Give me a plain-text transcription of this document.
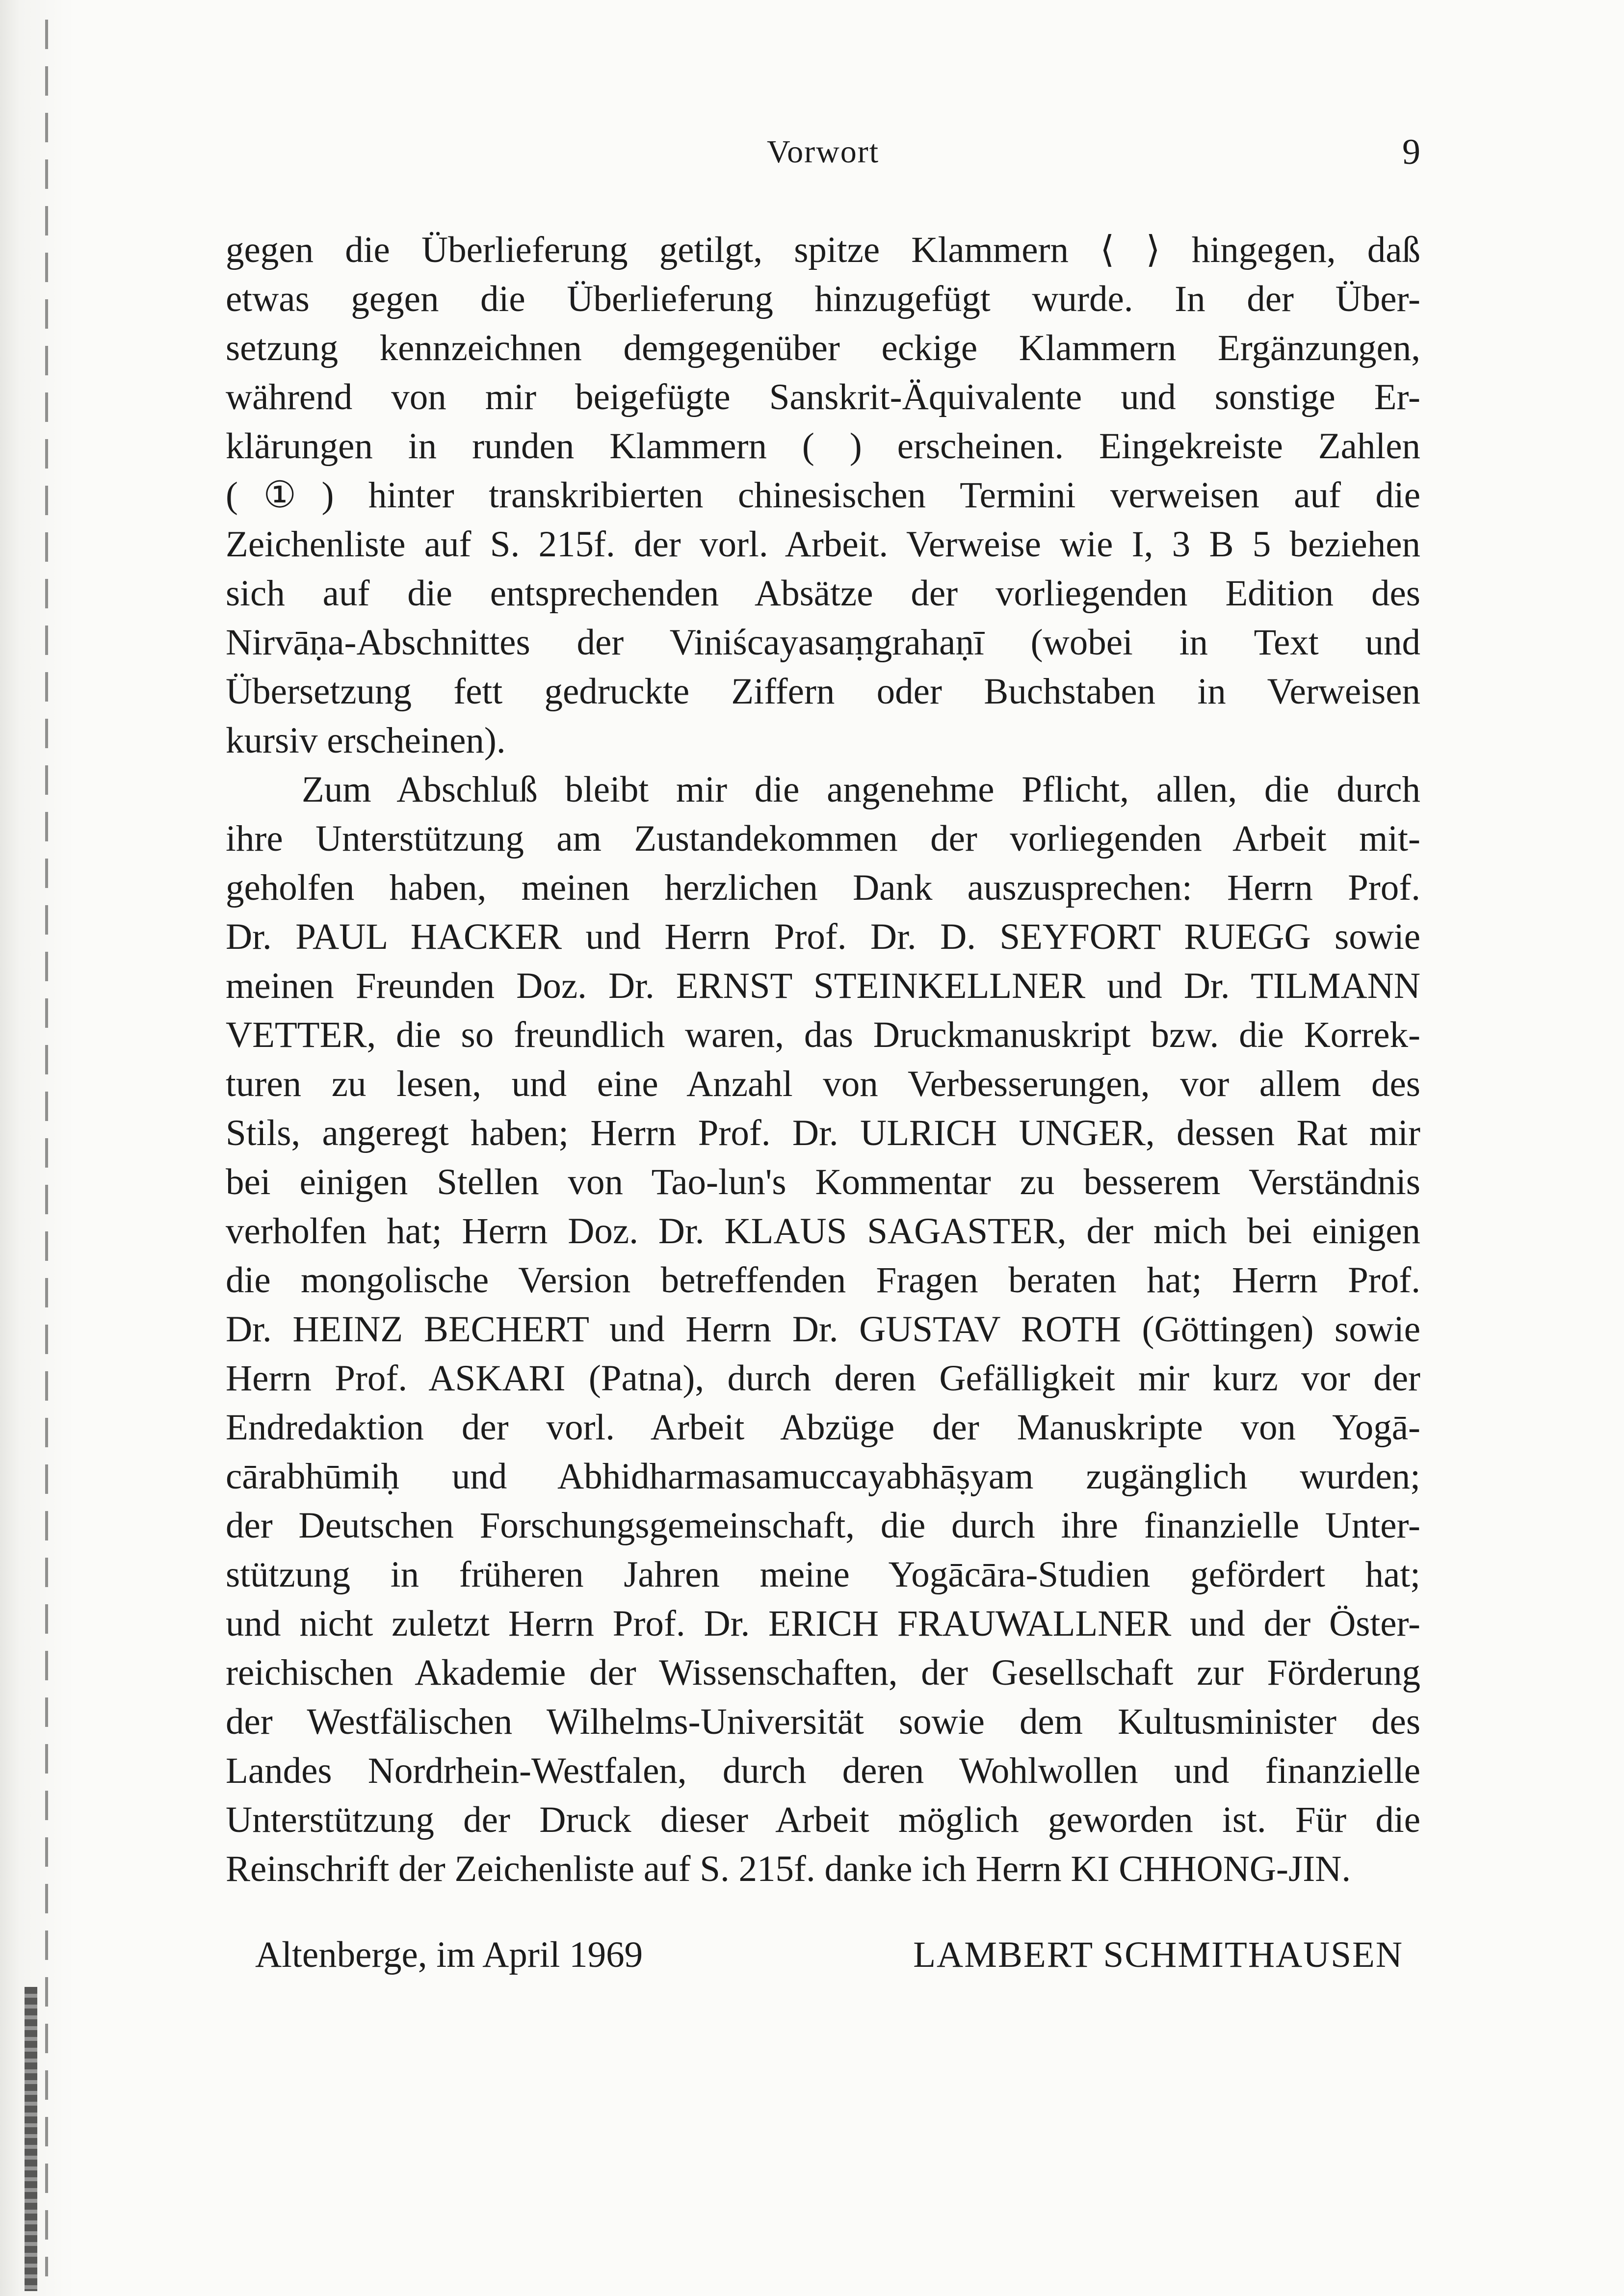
Vorwort	9
gegen die Überlieferung getilgt, spitze Klammern ⟨ ⟩ hingegen, daß
etwas gegen die Überlieferung hinzugefügt wurde. In der Über-
setzung kennzeichnen demgegenüber eckige Klammern Ergänzungen,
während von mir beigefügte Sanskrit-Äquivalente und sonstige Er-
klärungen in runden Klammern ( ) erscheinen. Eingekreiste Zahlen
(①) hinter transkribierten chinesischen Termini verweisen auf die
Zeichenliste auf S. 215f. der vorl. Arbeit. Verweise wie I, 3 B 5 beziehen
sich auf die entsprechenden Absätze der vorliegenden Edition des
Nirvāṇa-Abschnittes der Viniścayasaṃgrahaṇī (wobei in Text und
Übersetzung fett gedruckte Ziffern oder Buchstaben in Verweisen
kursiv erscheinen).
Zum Abschluß bleibt mir die angenehme Pflicht, allen, die durch
ihre Unterstützung am Zustandekommen der vorliegenden Arbeit mit-
geholfen haben, meinen herzlichen Dank auszusprechen: Herrn Prof.
Dr. PAUL HACKER und Herrn Prof. Dr. D. SEYFORT RUEGG sowie
meinen Freunden Doz. Dr. ERNST STEINKELLNER und Dr. TILMANN
VETTER, die so freundlich waren, das Druckmanuskript bzw. die Korrek-
turen zu lesen, und eine Anzahl von Verbesserungen, vor allem des
Stils, angeregt haben; Herrn Prof. Dr. ULRICH UNGER, dessen Rat mir
bei einigen Stellen von Tao-lun's Kommentar zu besserem Verständnis
verholfen hat; Herrn Doz. Dr. KLAUS SAGASTER, der mich bei einigen
die mongolische Version betreffenden Fragen beraten hat; Herrn Prof.
Dr. HEINZ BECHERT und Herrn Dr. GUSTAV ROTH (Göttingen) sowie
Herrn Prof. ASKARI (Patna), durch deren Gefälligkeit mir kurz vor der
Endredaktion der vorl. Arbeit Abzüge der Manuskripte von Yogā-
cārabhūmiḥ und Abhidharmasamuccayabhāṣyam zugänglich wurden;
der Deutschen Forschungsgemeinschaft, die durch ihre finanzielle Unter-
stützung in früheren Jahren meine Yogācāra-Studien gefördert hat;
und nicht zuletzt Herrn Prof. Dr. ERICH FRAUWALLNER und der Öster-
reichischen Akademie der Wissenschaften, der Gesellschaft zur Förderung
der Westfälischen Wilhelms-Universität sowie dem Kultusminister des
Landes Nordrhein-Westfalen, durch deren Wohlwollen und finanzielle
Unterstützung der Druck dieser Arbeit möglich geworden ist. Für die
Reinschrift der Zeichenliste auf S. 215f. danke ich Herrn KI CHHONG-JIN.
Altenberge, im April 1969	LAMBERT SCHMITHAUSEN
